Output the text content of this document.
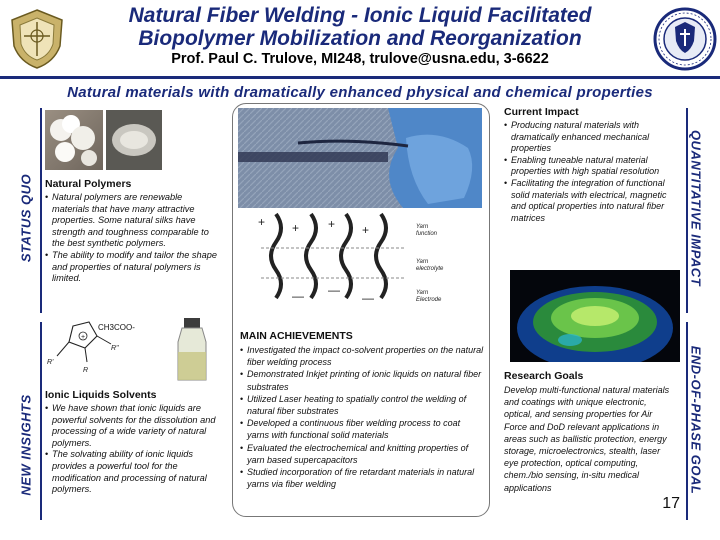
Natural Fiber Welding - Ionic Liquid Facilitated
Biopolymer Mobilization and Reorganization
Prof. Paul C. Trulove, MI248, trulove@usna.edu, 3-6622
Natural materials with dramatically enhanced physical and chemical properties
STATUS QUO
NEW INSIGHTS
QUANTITATIVE IMPACT
END-OF-PHASE GOAL
Natural Polymers
• Natural polymers are renewable materials that have many attractive properties. Some natural silks have strength and toughness comparable to the best synthetic polymers.
• The ability to modify and tailor the shape and properties of natural polymers is limited.
+
R'
R"
R
CH3COO-
Ionic Liquids Solvents
• We have shown that ionic liquids are powerful solvents for the dissolution and processing of a wide variety of natural polymers.
• The solvating ability of ionic liquids provides a powerful tool for the modification and processing of natural polymers.
+ + + +
— —
—
Yarn
function
Yarn
electrolyte
Yarn
Electrode
MAIN ACHIEVEMENTS
• Investigated the impact co-solvent properties on the natural fiber welding process
• Demonstrated Inkjet printing of ionic liquids on natural fiber substrates
• Utilized Laser heating to spatially control the welding of natural fiber substrates
• Developed a continuous fiber welding process to coat yarns with functional solid materials
• Evaluated the electrochemical and knitting properties of yarn based supercapacitors
• Studied incorporation of fire retardant materials in natural yarns via fiber welding
Current Impact
• Producing natural materials with dramatically enhanced mechanical properties
• Enabling tuneable natural material properties with high spatial resolution
• Facilitating the integration of functional solid materials with electrical, magnetic and optical properties into natural fiber matrices
Research Goals
Develop multi-functional natural materials and coatings with unique electronic, optical, and sensing properties for Air Force and DoD relevant applications in areas such as ballistic protection, energy storage, microelectronics, stealth, laser eye protection, optical computing, chem./bio sensing, in-situ medical applications
17
